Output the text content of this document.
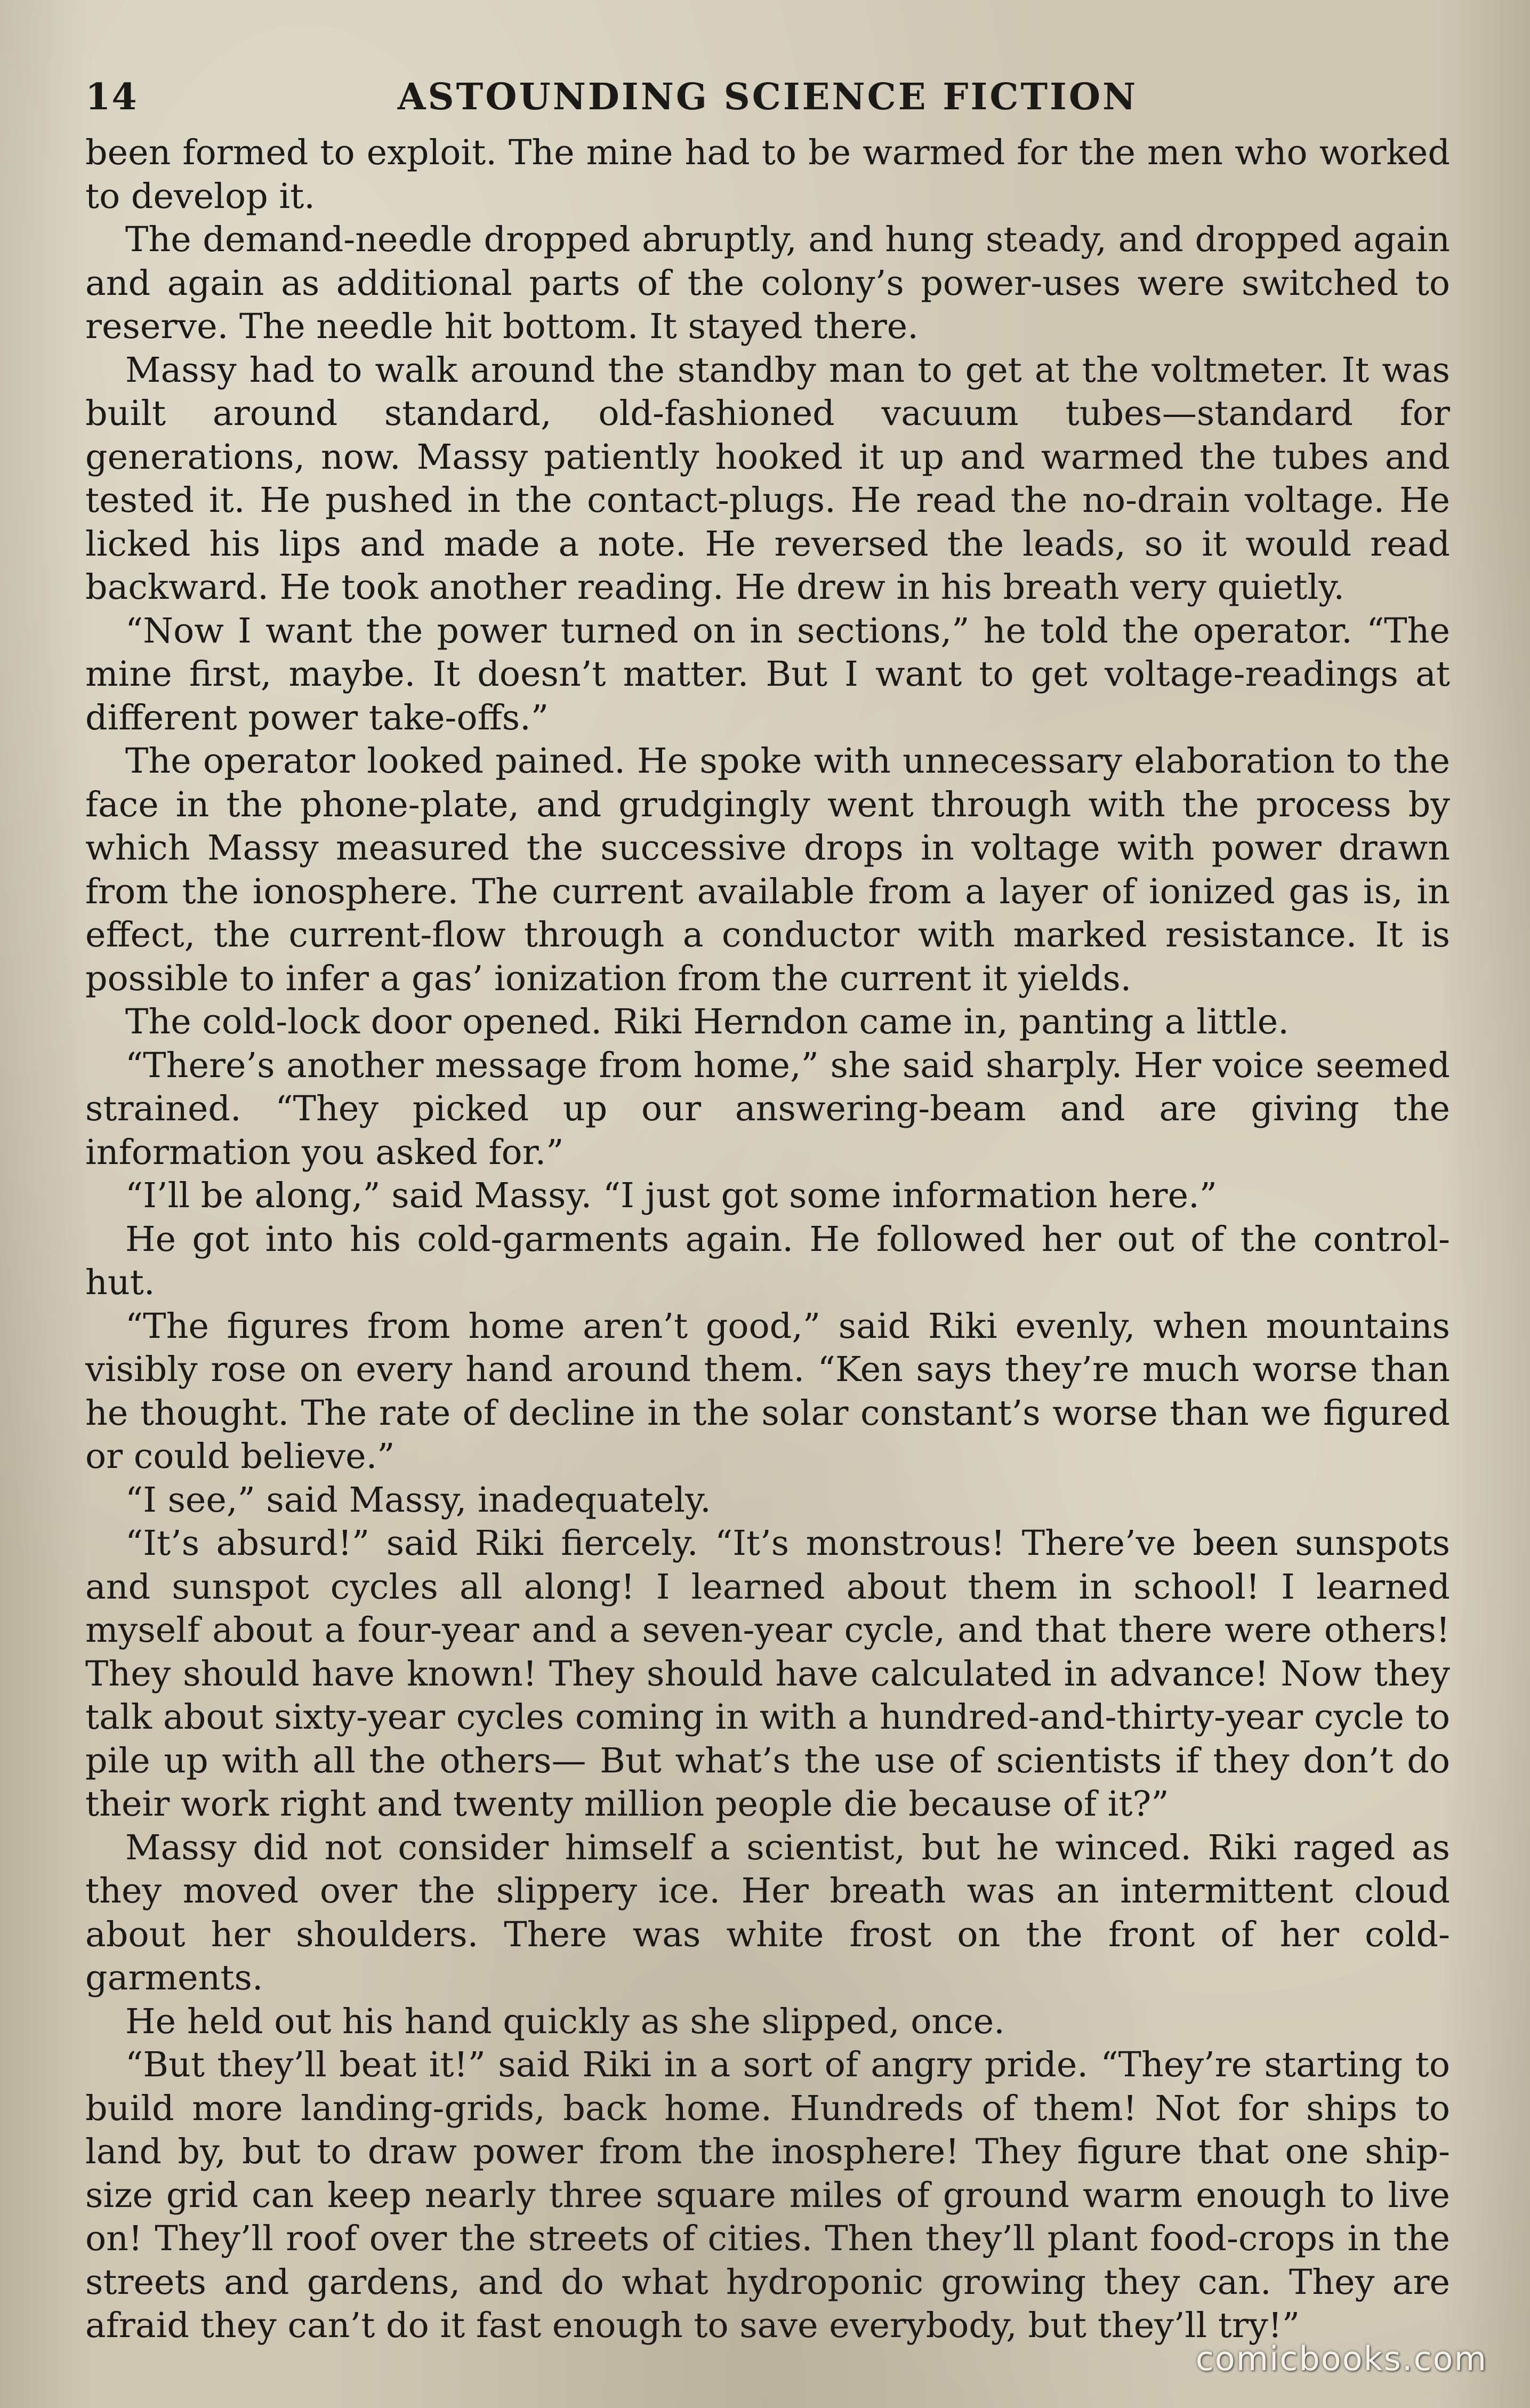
14	ASTOUNDING SCIENCE FICTION

been formed to exploit. The mine had to be warmed for the men who worked to develop it.

The demand-needle dropped abruptly, and hung steady, and dropped again and again as additional parts of the colony’s power-uses were switched to reserve. The needle hit bottom. It stayed there.

Massy had to walk around the standby man to get at the voltmeter. It was built around standard, old-fashioned vacuum tubes—standard for generations, now. Massy patiently hooked it up and warmed the tubes and tested it. He pushed in the contact-plugs. He read the no-drain voltage. He licked his lips and made a note. He reversed the leads, so it would read backward. He took another reading. He drew in his breath very quietly.

“Now I want the power turned on in sections,” he told the operator. “The mine first, maybe. It doesn’t matter. But I want to get voltage-readings at different power take-offs.”

The operator looked pained. He spoke with unnecessary elaboration to the face in the phone-plate, and grudgingly went through with the process by which Massy measured the successive drops in voltage with power drawn from the ionosphere. The current available from a layer of ionized gas is, in effect, the current-flow through a conductor with marked resistance. It is possible to infer a gas’ ionization from the current it yields.

The cold-lock door opened. Riki Herndon came in, panting a little.

“There’s another message from home,” she said sharply. Her voice seemed strained. “They picked up our answering-beam and are giving the information you asked for.”

“I’ll be along,” said Massy. “I just got some information here.”

He got into his cold-garments again. He followed her out of the control-hut.

“The figures from home aren’t good,” said Riki evenly, when mountains visibly rose on every hand around them. “Ken says they’re much worse than he thought. The rate of decline in the solar constant’s worse than we figured or could believe.”

“I see,” said Massy, inadequately.

“It’s absurd!” said Riki fiercely. “It’s monstrous! There’ve been sunspots and sunspot cycles all along! I learned about them in school! I learned myself about a four-year and a seven-year cycle, and that there were others! They should have known! They should have calculated in advance! Now they talk about sixty-year cycles coming in with a hundred-and-thirty-year cycle to pile up with all the others— But what’s the use of scientists if they don’t do their work right and twenty million people die because of it?”

Massy did not consider himself a scientist, but he winced. Riki raged as they moved over the slippery ice. Her breath was an intermittent cloud about her shoulders. There was white frost on the front of her cold-garments.

He held out his hand quickly as she slipped, once.

“But they’ll beat it!” said Riki in a sort of angry pride. “They’re starting to build more landing-grids, back home. Hundreds of them! Not for ships to land by, but to draw power from the inosphere! They figure that one ship-size grid can keep nearly three square miles of ground warm enough to live on! They’ll roof over the streets of cities. Then they’ll plant food-crops in the streets and gardens, and do what hydroponic growing they can. They are afraid they can’t do it fast enough to save everybody, but they’ll try!”

comicbooks.com
